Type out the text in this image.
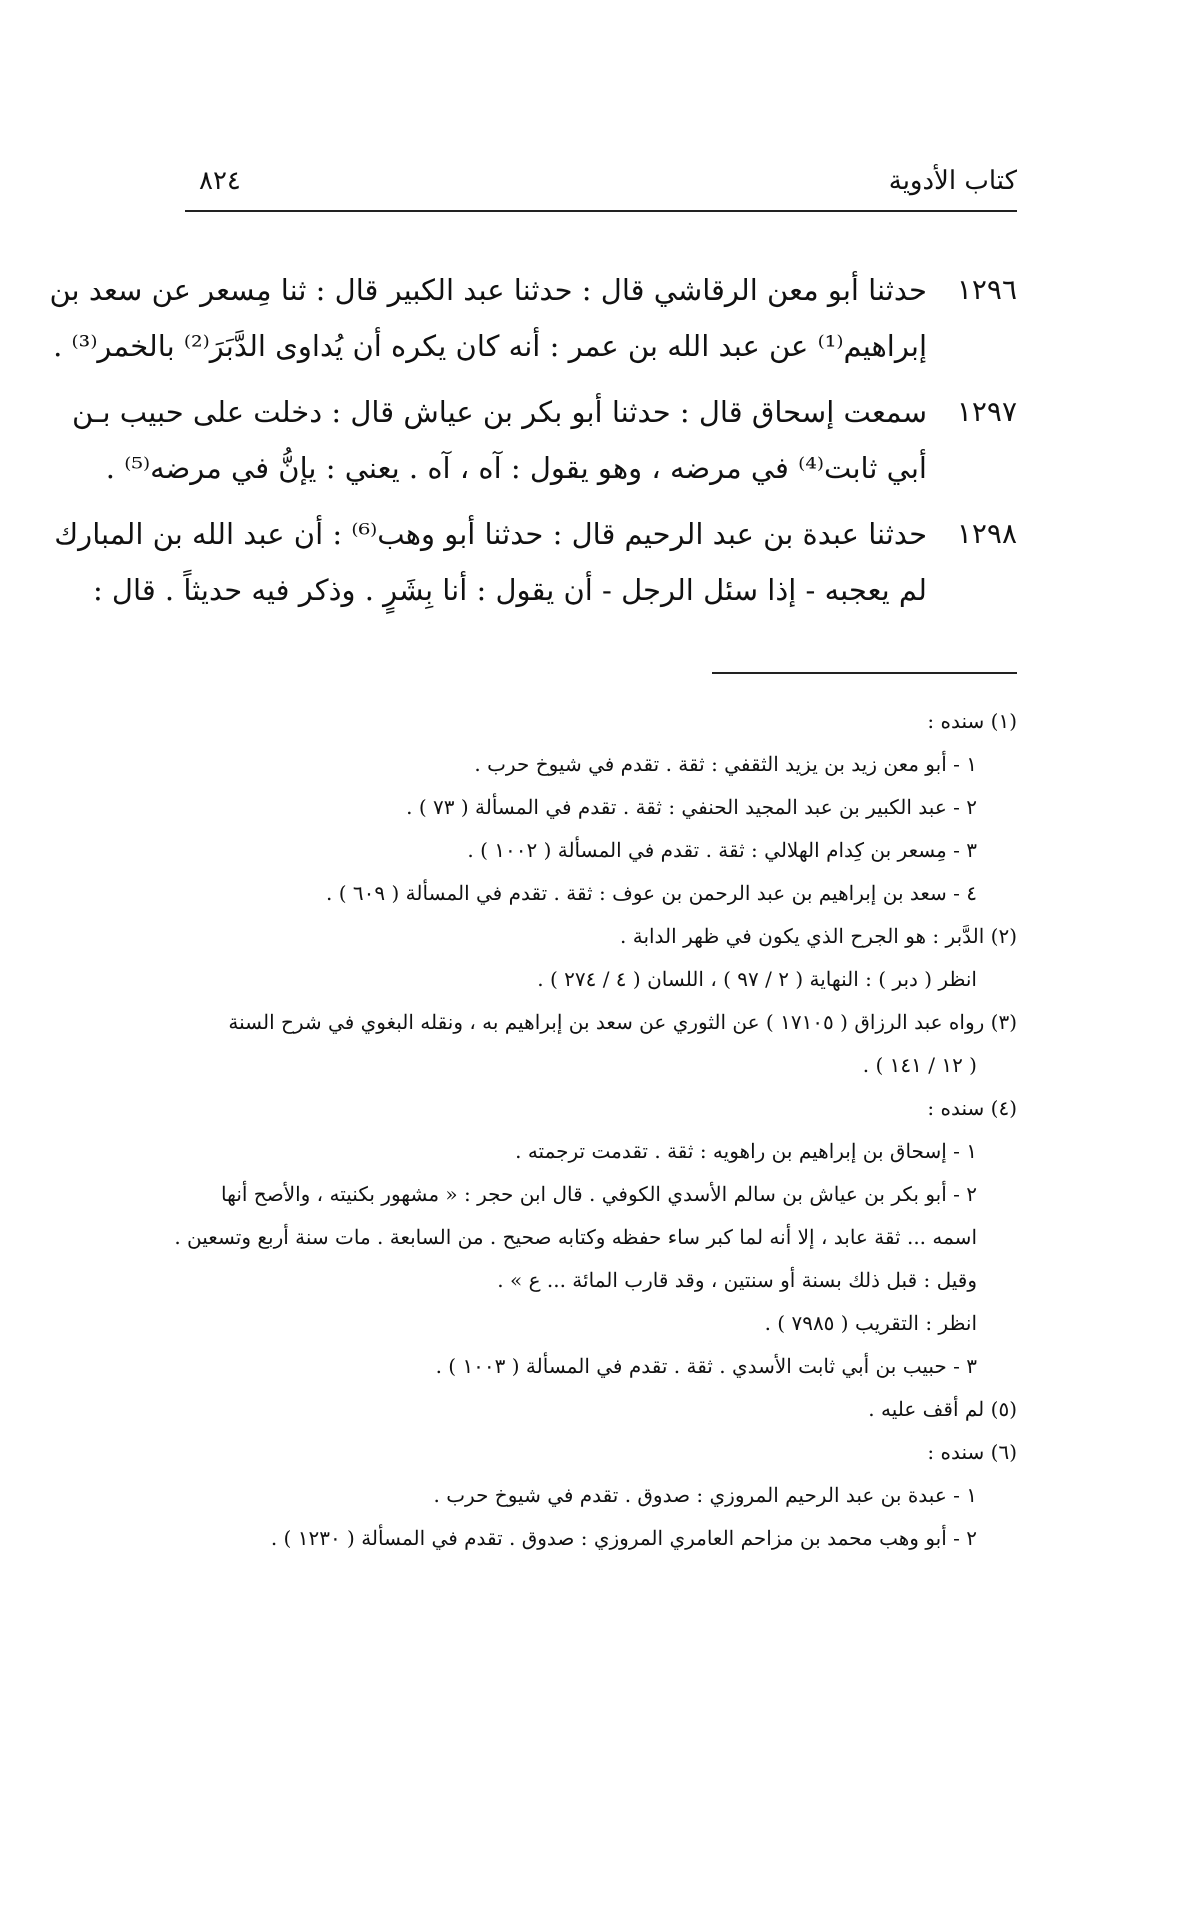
كتاب الأدوية
٨٢٤
١٢٩٦
حدثنا أبو معن الرقاشي قال : حدثنا عبد الكبير قال : ثنا مِسعر عن سعد بن
إبراهيم⁽¹⁾ عن عبد الله بن عمر : أنه كان يكره أن يُداوى الدَّبَرَ⁽²⁾ بالخمر⁽³⁾ .
١٢٩٧
سمعت إسحاق قال : حدثنا أبو بكر بن عياش قال : دخلت على حبيب بـن
أبي ثابت⁽⁴⁾ في مرضه ، وهو يقول : آه ، آه . يعني : يإنُّ في مرضه⁽⁵⁾ .
١٢٩٨
حدثنا عبدة بن عبد الرحيم قال : حدثنا أبو وهب⁽⁶⁾ : أن عبد الله بن المبارك
لم يعجبه - إذا سئل الرجل - أن يقول : أنا بِشَرٍ . وذكر فيه حديثاً . قال :
(١) سنده :
١ - أبو معن زيد بن يزيد الثقفي : ثقة . تقدم في شيوخ حرب .
٢ - عبد الكبير بن عبد المجيد الحنفي : ثقة . تقدم في المسألة ( ٧٣ ) .
٣ - مِسعر بن كِدام الهلالي : ثقة . تقدم في المسألة ( ١٠٠٢ ) .
٤ - سعد بن إبراهيم بن عبد الرحمن بن عوف : ثقة . تقدم في المسألة ( ٦٠٩ ) .
(٢) الدَّبر : هو الجرح الذي يكون في ظهر الدابة .
انظر ( دبر ) : النهاية ( ٢ / ٩٧ ) ، اللسان ( ٤ / ٢٧٤ ) .
(٣) رواه عبد الرزاق ( ١٧١٠٥ ) عن الثوري عن سعد بن إبراهيم به ، ونقله البغوي في شرح السنة
( ١٢ / ١٤١ ) .
(٤) سنده :
١ - إسحاق بن إبراهيم بن راهويه : ثقة . تقدمت ترجمته .
٢ - أبو بكر بن عياش بن سالم الأسدي الكوفي . قال ابن حجر : « مشهور بكنيته ، والأصح أنها
اسمه ... ثقة عابد ، إلا أنه لما كبر ساء حفظه وكتابه صحيح . من السابعة . مات سنة أربع وتسعين .
وقيل : قبل ذلك بسنة أو سنتين ، وقد قارب المائة ... ع » .
انظر : التقريب ( ٧٩٨٥ ) .
٣ - حبيب بن أبي ثابت الأسدي . ثقة . تقدم في المسألة ( ١٠٠٣ ) .
(٥) لم أقف عليه .
(٦) سنده :
١ - عبدة بن عبد الرحيم المروزي : صدوق . تقدم في شيوخ حرب .
٢ - أبو وهب محمد بن مزاحم العامري المروزي : صدوق . تقدم في المسألة ( ١٢٣٠ ) .
